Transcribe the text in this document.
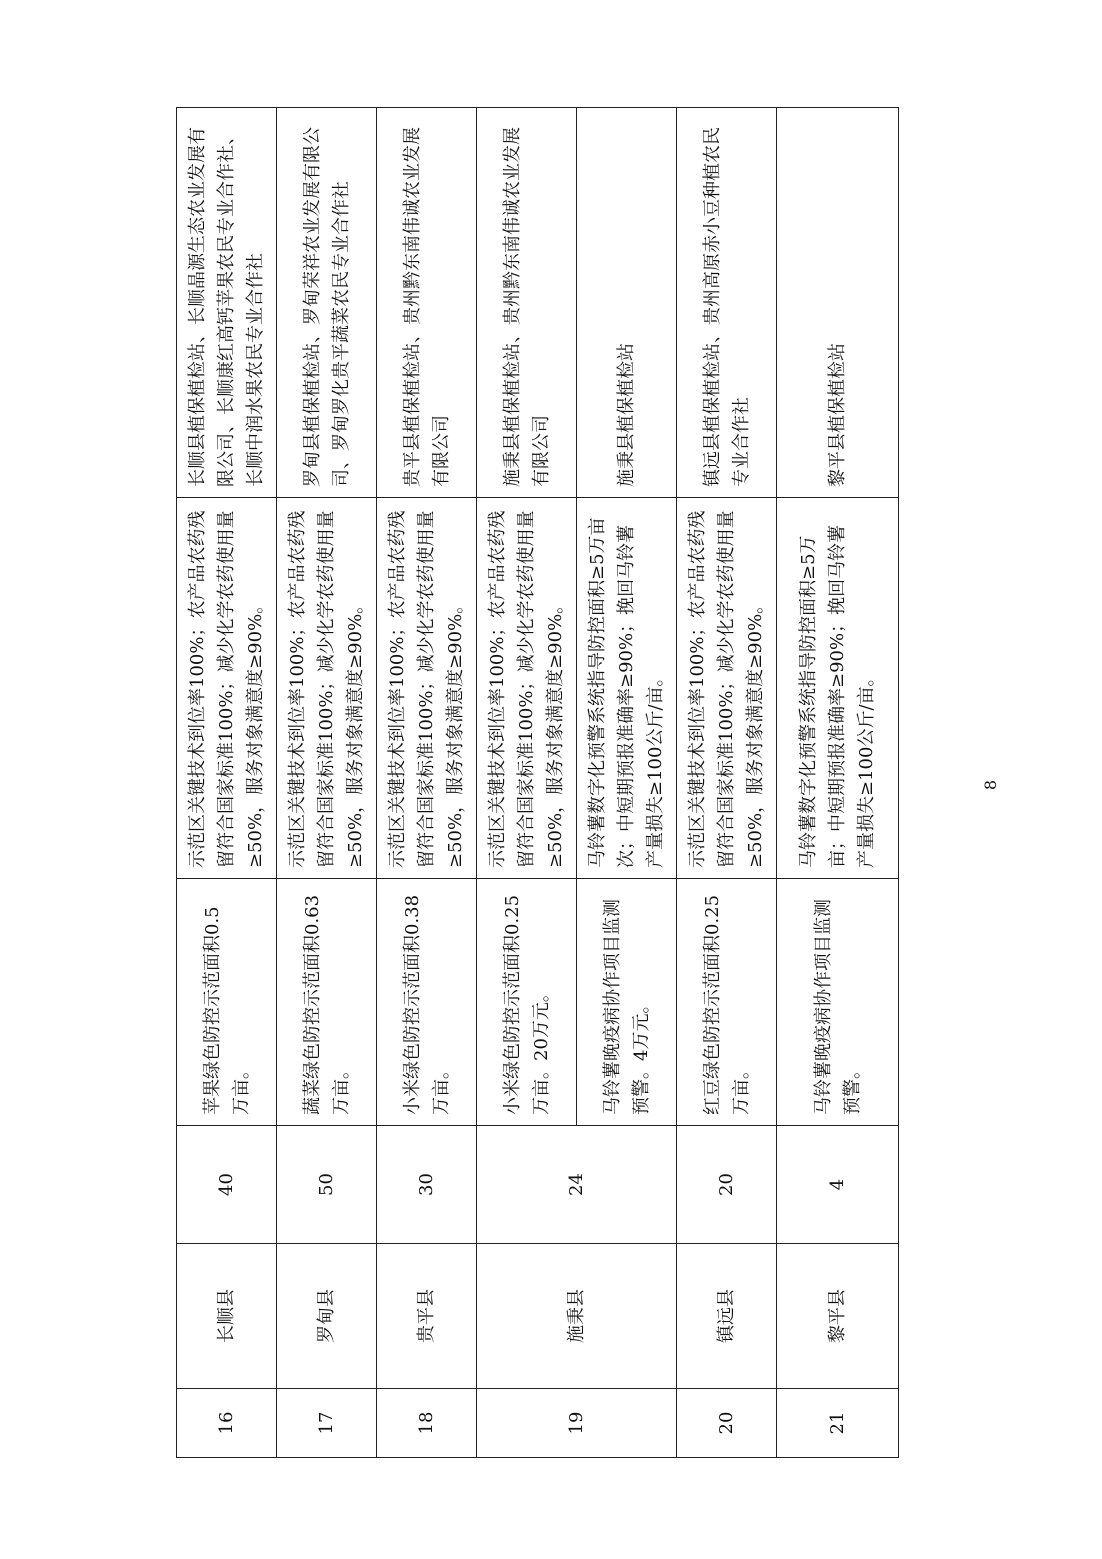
16	长顺县	40	苹果绿色防控示范面积0.5万亩。	示范区关键技术到位率100%；农产品农药残留符合国家标准100%；减少化学农药使用量≥50%，服务对象满意度≥90%。	长顺县植保植检站、长顺晶源生态农业发展有限公司、长顺康红高钙苹果农民专业合作社、长顺中润水果农民专业合作社
17	罗甸县	50	蔬菜绿色防控示范面积0.63万亩。	示范区关键技术到位率100%；农产品农药残留符合国家标准100%；减少化学农药使用量≥50%，服务对象满意度≥90%。	罗甸县植保植检站、罗甸荣祥农业发展有限公司、罗甸罗化贵平蔬菜农民专业合作社
18	贵平县	30	小米绿色防控示范面积0.38万亩。	示范区关键技术到位率100%；农产品农药残留符合国家标准100%；减少化学农药使用量≥50%，服务对象满意度≥90%。	贵平县植保植检站、贵州黔东南伟诚农业发展有限公司
19	施秉县	24	小米绿色防控示范面积0.25万亩。20万元。	示范区关键技术到位率100%；农产品农药残留符合国家标准100%；减少化学农药使用量≥50%，服务对象满意度≥90%。	施秉县植保植检站、贵州黔东南伟诚农业发展有限公司
			马铃薯晚疫病协作项目监测预警。4万元。	马铃薯数字化预警系统指导防控面积≥5万亩次；中短期预报准确率≥90%；挽回马铃薯产量损失≥100公斤/亩。	施秉县植保植检站
20	镇远县	20	红豆绿色防控示范面积0.25万亩。	示范区关键技术到位率100%；农产品农药残留符合国家标准100%；减少化学农药使用量≥50%，服务对象满意度≥90%。	镇远县植保植检站、贵州高原赤小豆种植农民专业合作社
21	黎平县	4	马铃薯晚疫病协作项目监测预警。	马铃薯数字化预警系统指导防控面积≥5万亩；中短期预报准确率≥90%；挽回马铃薯产量损失≥100公斤/亩。	黎平县植保植检站
8
